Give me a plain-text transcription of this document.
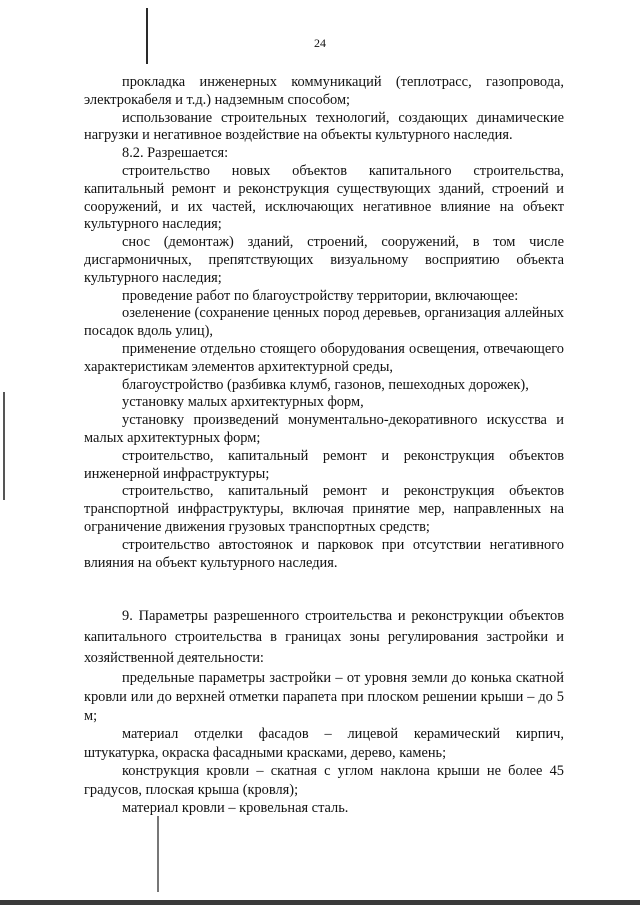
24

прокладка инженерных коммуникаций (теплотрасс, газопровода, электрокабеля и т.д.) надземным способом;

использование строительных технологий, создающих динамические нагрузки и негативное воздействие на объекты культурного наследия.

8.2. Разрешается:

строительство новых объектов капитального строительства, капитальный ремонт и реконструкция существующих зданий, строений и сооружений, и их частей, исключающих негативное влияние на объект культурного наследия;

снос (демонтаж) зданий, строений, сооружений, в том числе дисгармоничных, препятствующих визуальному восприятию объекта культурного наследия;

проведение работ по благоустройству территории, включающее:

озеленение (сохранение ценных пород деревьев, организация аллейных посадок вдоль улиц),

применение отдельно стоящего оборудования освещения, отвечающего характеристикам элементов архитектурной среды,

благоустройство (разбивка клумб, газонов, пешеходных дорожек),

установку малых архитектурных форм,

установку произведений монументально-декоративного искусства и малых архитектурных форм;

строительство, капитальный ремонт и реконструкция объектов инженерной инфраструктуры;

строительство, капитальный ремонт и реконструкция объектов транспортной инфраструктуры, включая принятие мер, направленных на ограничение движения грузовых транспортных средств;

строительство автостоянок и парковок при отсутствии негативного влияния на объект культурного наследия.

9. Параметры разрешенного строительства и реконструкции объектов капитального строительства в границах зоны регулирования застройки и хозяйственной деятельности:

предельные параметры застройки – от уровня земли до конька скатной кровли или до верхней отметки парапета при плоском решении крыши – до 5 м;

материал отделки фасадов – лицевой керамический кирпич, штукатурка, окраска фасадными красками, дерево, камень;

конструкция кровли – скатная с углом наклона крыши не более 45 градусов, плоская крыша (кровля);

материал кровли – кровельная сталь.
